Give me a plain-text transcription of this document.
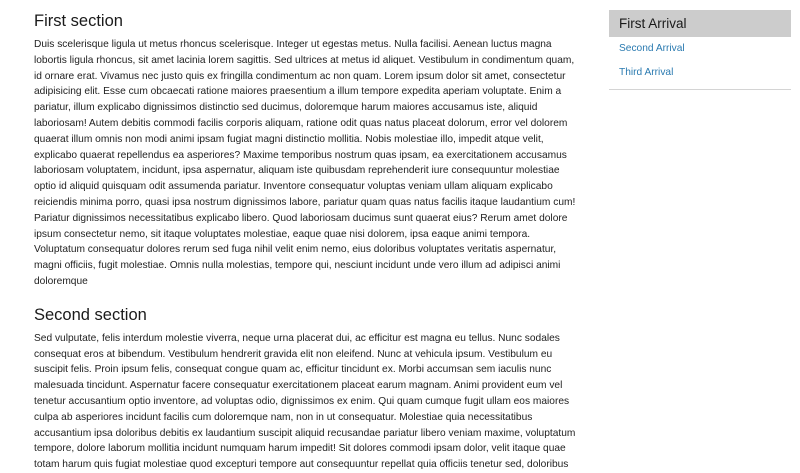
First section

Duis scelerisque ligula ut metus rhoncus scelerisque. Integer ut egestas metus. Nulla facilisi. Aenean luctus magna lobortis ligula rhoncus, sit amet lacinia lorem sagittis. Sed ultrices at metus id aliquet. Vestibulum in condimentum quam, id ornare erat. Vivamus nec justo quis ex fringilla condimentum ac non quam. Lorem ipsum dolor sit amet, consectetur adipisicing elit. Esse cum obcaecati ratione maiores praesentium a illum tempore expedita aperiam voluptate. Enim a pariatur, illum explicabo dignissimos distinctio sed ducimus, doloremque harum maiores accusamus iste, aliquid laboriosam! Autem debitis commodi facilis corporis aliquam, ratione odit quas natus placeat dolorum, error vel dolorem quaerat illum omnis non modi animi ipsam fugiat magni distinctio mollitia. Nobis molestiae illo, impedit atque velit, explicabo quaerat repellendus ea asperiores? Maxime temporibus nostrum quas ipsam, ea exercitationem accusamus laboriosam voluptatem, incidunt, ipsa aspernatur, aliquam iste quibusdam reprehenderit iure consequuntur molestiae optio id aliquid quisquam odit assumenda pariatur. Inventore consequatur voluptas veniam ullam aliquam explicabo reiciendis minima porro, quasi ipsa nostrum dignissimos labore, pariatur quam quas natus facilis itaque laudantium cum! Pariatur dignissimos necessitatibus explicabo libero. Quod laboriosam ducimus sunt quaerat eius? Rerum amet dolore ipsum consectetur nemo, sit itaque voluptates molestiae, eaque quae nisi dolorem, ipsa eaque animi tempora. Voluptatum consequatur dolores rerum sed fuga nihil velit enim nemo, eius doloribus voluptates veritatis aspernatur, magni officiis, fugit molestiae. Omnis nulla molestias, tempore qui, nesciunt incidunt unde vero illum ad adipisci animi doloremque

Second section

Sed vulputate, felis interdum molestie viverra, neque urna placerat dui, ac efficitur est magna eu tellus. Nunc sodales consequat eros at bibendum. Vestibulum hendrerit gravida elit non eleifend. Nunc at vehicula ipsum. Vestibulum eu suscipit felis. Proin ipsum felis, consequat congue quam ac, efficitur tincidunt ex. Morbi accumsan sem iaculis nunc malesuada tincidunt. Aspernatur facere consequatur exercitationem placeat earum magnam. Animi provident eum vel tenetur accusantium optio inventore, ad voluptas odio, dignissimos ex enim. Qui quam cumque fugit ullam eos maiores culpa ab asperiores incidunt facilis cum doloremque nam, non in ut consequatur. Molestiae quia necessitatibus accusantium ipsa doloribus debitis ex laudantium suscipit aliquid recusandae pariatur libero veniam maxime, voluptatum tempore, dolore laborum mollitia incidunt numquam harum impedit! Sit dolores commodi ipsam dolor, velit itaque quae totam harum quis fugiat molestiae quod excepturi tempore aut consequuntur repellat quia officiis tenetur sed, doloribus

First Arrival
Second Arrival
Third Arrival
